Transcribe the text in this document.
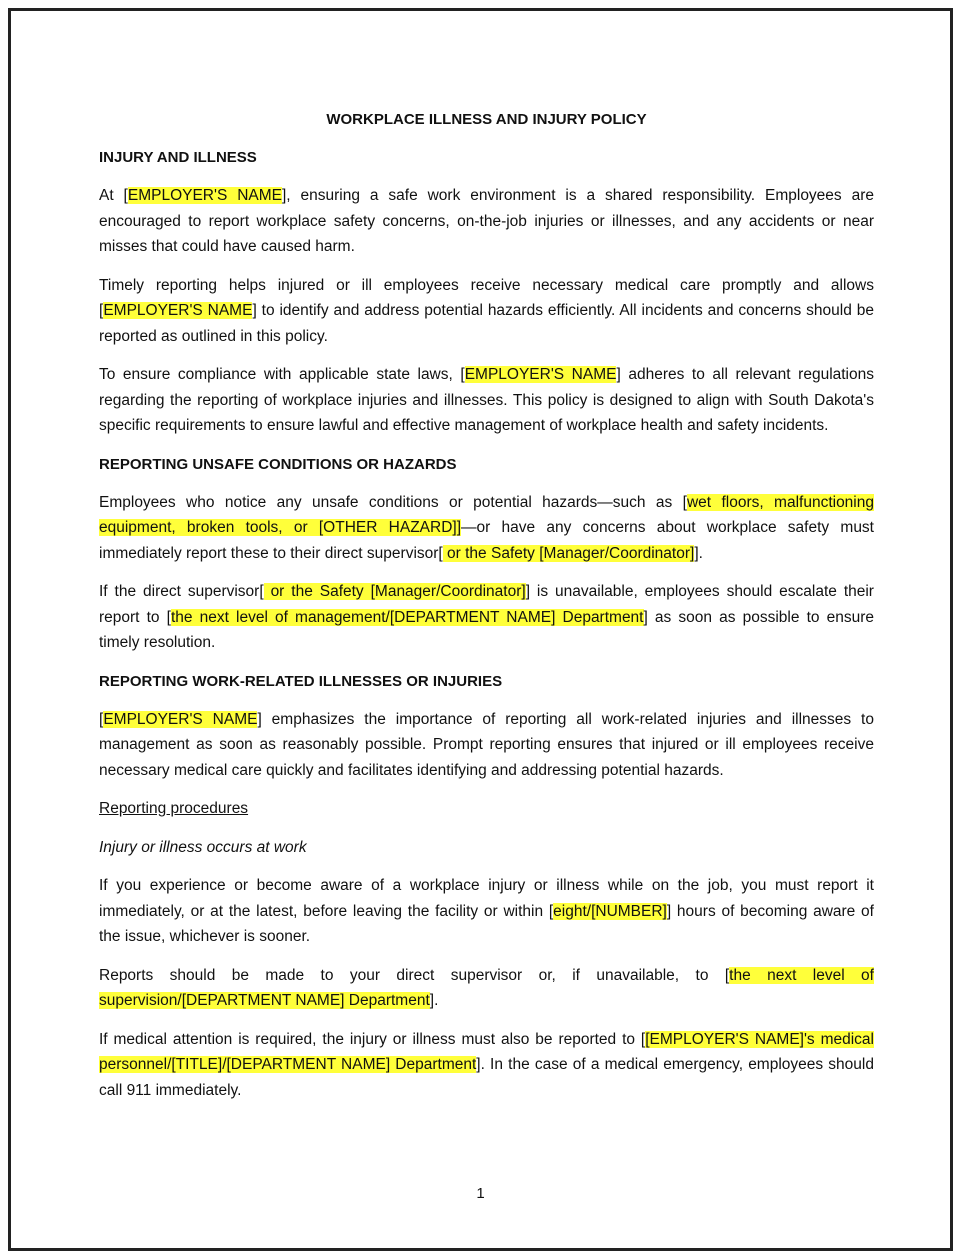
WORKPLACE ILLNESS AND INJURY POLICY
INJURY AND ILLNESS

At [EMPLOYER'S NAME], ensuring a safe work environment is a shared responsibility. Employees are encouraged to report workplace safety concerns, on-the-job injuries or illnesses, and any accidents or near misses that could have caused harm.

Timely reporting helps injured or ill employees receive necessary medical care promptly and allows [EMPLOYER'S NAME] to identify and address potential hazards efficiently. All incidents and concerns should be reported as outlined in this policy.

To ensure compliance with applicable state laws, [EMPLOYER'S NAME] adheres to all relevant regulations regarding the reporting of workplace injuries and illnesses. This policy is designed to align with South Dakota's specific requirements to ensure lawful and effective management of workplace health and safety incidents.

REPORTING UNSAFE CONDITIONS OR HAZARDS

Employees who notice any unsafe conditions or potential hazards—such as [wet floors, malfunctioning equipment, broken tools, or [OTHER HAZARD]]—or have any concerns about workplace safety must immediately report these to their direct supervisor[ or the Safety [Manager/Coordinator]].

If the direct supervisor[ or the Safety [Manager/Coordinator]] is unavailable, employees should escalate their report to [the next level of management/[DEPARTMENT NAME] Department] as soon as possible to ensure timely resolution.

REPORTING WORK-RELATED ILLNESSES OR INJURIES

[EMPLOYER'S NAME] emphasizes the importance of reporting all work-related injuries and illnesses to management as soon as reasonably possible. Prompt reporting ensures that injured or ill employees receive necessary medical care quickly and facilitates identifying and addressing potential hazards.

Reporting procedures
Injury or illness occurs at work

If you experience or become aware of a workplace injury or illness while on the job, you must report it immediately, or at the latest, before leaving the facility or within [eight/[NUMBER]] hours of becoming aware of the issue, whichever is sooner.

Reports should be made to your direct supervisor or, if unavailable, to [the next level of supervision/[DEPARTMENT NAME] Department].

If medical attention is required, the injury or illness must also be reported to [[EMPLOYER'S NAME]'s medical personnel/[TITLE]/[DEPARTMENT NAME] Department]. In the case of a medical emergency, employees should call 911 immediately.

1
